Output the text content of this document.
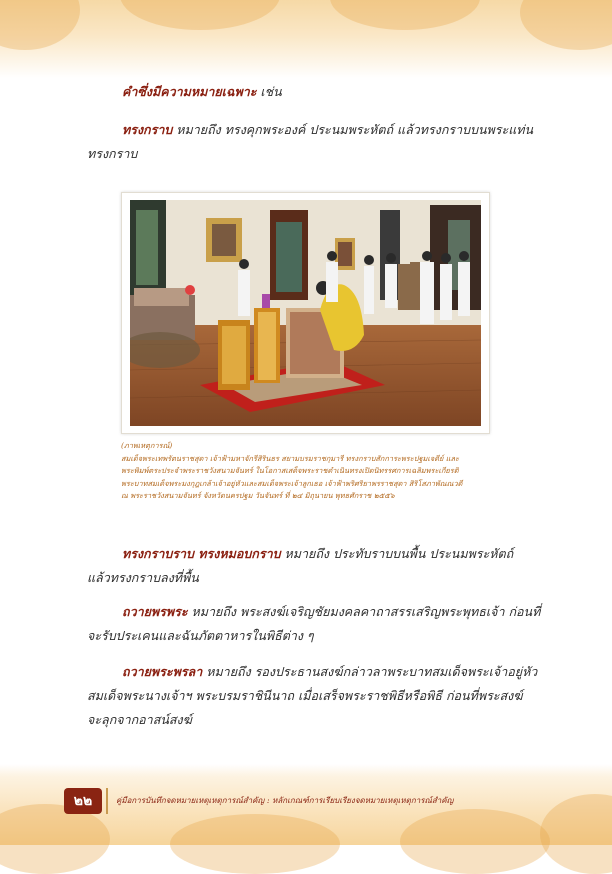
คำซึ่งมีความหมายเฉพาะ เช่น
ทรงกราบ หมายถึง ทรงคุกพระองค์ ประนมพระหัตถ์ แล้วทรงกราบบนพระแท่น
ทรงกราบ
(ภาพเหตุการณ์)
สมเด็จพระเทพรัตนราชสุดา เจ้าฟ้ามหาจักรีสิรินธร สยามบรมราชกุมารี ทรงกราบสักการะพระปฐมเจดีย์ และ
พระพิมพ์ตระประจำพระราชวังสนามจันทร์ ในโอกาสเสด็จพระราชดำเนินทรงเปิดนิทรรศการเฉลิมพระเกียรติ
พระบาทสมเด็จพระมงกุฎเกล้าเจ้าอยู่หัวและสมเด็จพระเจ้าลูกเธอ เจ้าฟ้าพริศริยาพรราชสุดา สิริโสภาพัณณวดี
ณ พระราชวังสนามจันทร์ จังหวัดนครปฐม วันจันทร์ ที่ ๒๔ มิถุนายน พุทธศักราช ๒๕๕๖
ทรงกราบราบ ทรงหมอบกราบ หมายถึง ประทับราบบนพื้น ประนมพระหัตถ์
แล้วทรงกราบลงที่พื้น
ถวายพรพระ หมายถึง พระสงฆ์เจริญชัยมงคลคาถาสรรเสริญพระพุทธเจ้า ก่อนที่
จะรับประเคนและฉันภัตตาหารในพิธีต่าง ๆ
ถวายพระพรลา หมายถึง รองประธานสงฆ์กล่าวลาพระบาทสมเด็จพระเจ้าอยู่หัว
สมเด็จพระนางเจ้าฯ พระบรมราชินีนาถ เมื่อเสร็จพระราชพิธีหรือพิธี ก่อนที่พระสงฆ์
จะลุกจากอาสน์สงฆ์
๒๒	คู่มือการบันทึกจดหมายเหตุเหตุการณ์สำคัญ : หลักเกณฑ์การเรียบเรียงจดหมายเหตุเหตุการณ์สำคัญ
